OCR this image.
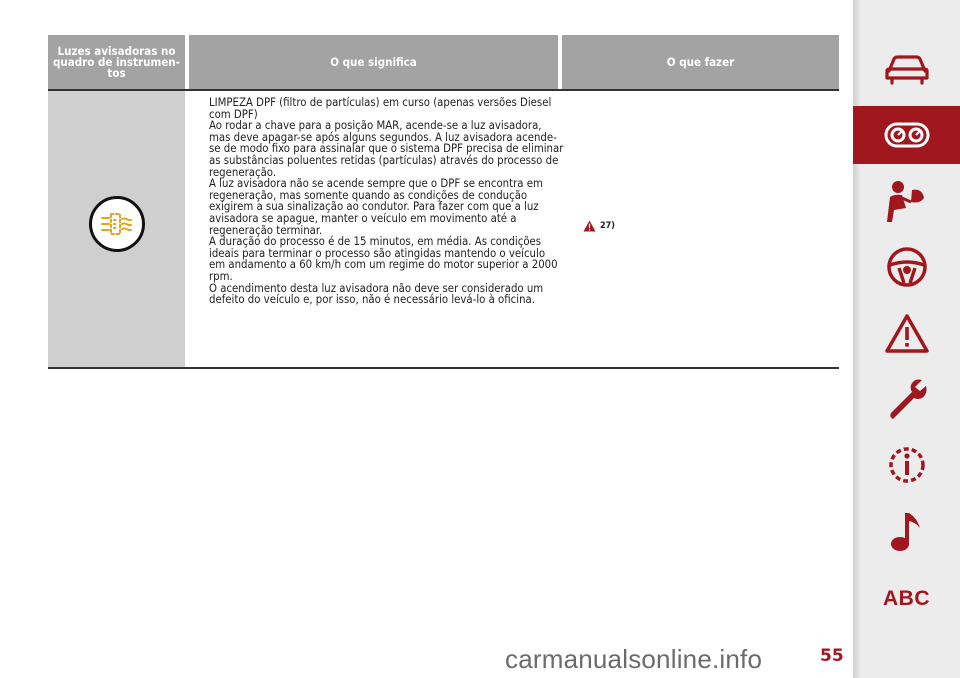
Luzes avisadoras no quadro de instrumen-tos
O que significa	O que fazer

LIMPEZA DPF (filtro de partículas) em curso (apenas versões Diesel com DPF)

Ao rodar a chave para a posição MAR, acende-se a luz avisadora, mas deve apagar-se após alguns segundos. A luz avisadora acende-se de modo fixo para assinalar que o sistema DPF precisa de eliminar as substâncias poluentes retidas (partículas) através do processo de regeneração.

A luz avisadora não se acende sempre que o DPF se encontra em regeneração, mas somente quando as condições de condução exigirem a sua sinalização ao condutor. Para fazer com que a luz avisadora se apague, manter o veículo em movimento até a regeneração terminar.

A duração do processo é de 15 minutos, em média. As condições ideais para terminar o processo são atingidas mantendo o veículo em andamento a 60 km/h com um regime do motor superior a 2000 rpm.

O acendimento desta luz avisadora não deve ser considerado um defeito do veículo e, por isso, não é necessário levá-lo à oficina.

27)
ABC
55
carmanualsonline.info
